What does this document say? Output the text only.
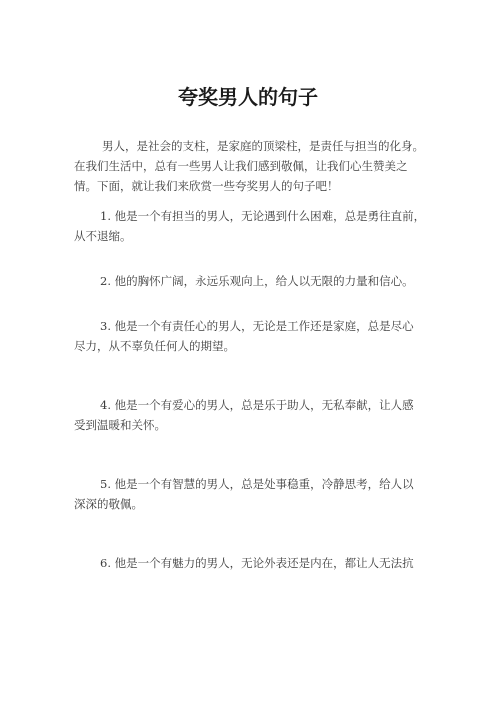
夸奖男人的句子
男人，是社会的支柱，是家庭的顶梁柱，是责任与担当的化身。
在我们生活中，总有一些男人让我们感到敬佩，让我们心生赞美之
情。下面，就让我们来欣赏一些夸奖男人的句子吧！
1. 他是一个有担当的男人，无论遇到什么困难，总是勇往直前，
从不退缩。
2. 他的胸怀广阔，永远乐观向上，给人以无限的力量和信心。
3. 他是一个有责任心的男人，无论是工作还是家庭，总是尽心
尽力，从不辜负任何人的期望。
4. 他是一个有爱心的男人，总是乐于助人，无私奉献，让人感
受到温暖和关怀。
5. 他是一个有智慧的男人，总是处事稳重，冷静思考，给人以
深深的敬佩。
6. 他是一个有魅力的男人，无论外表还是内在，都让人无法抗
